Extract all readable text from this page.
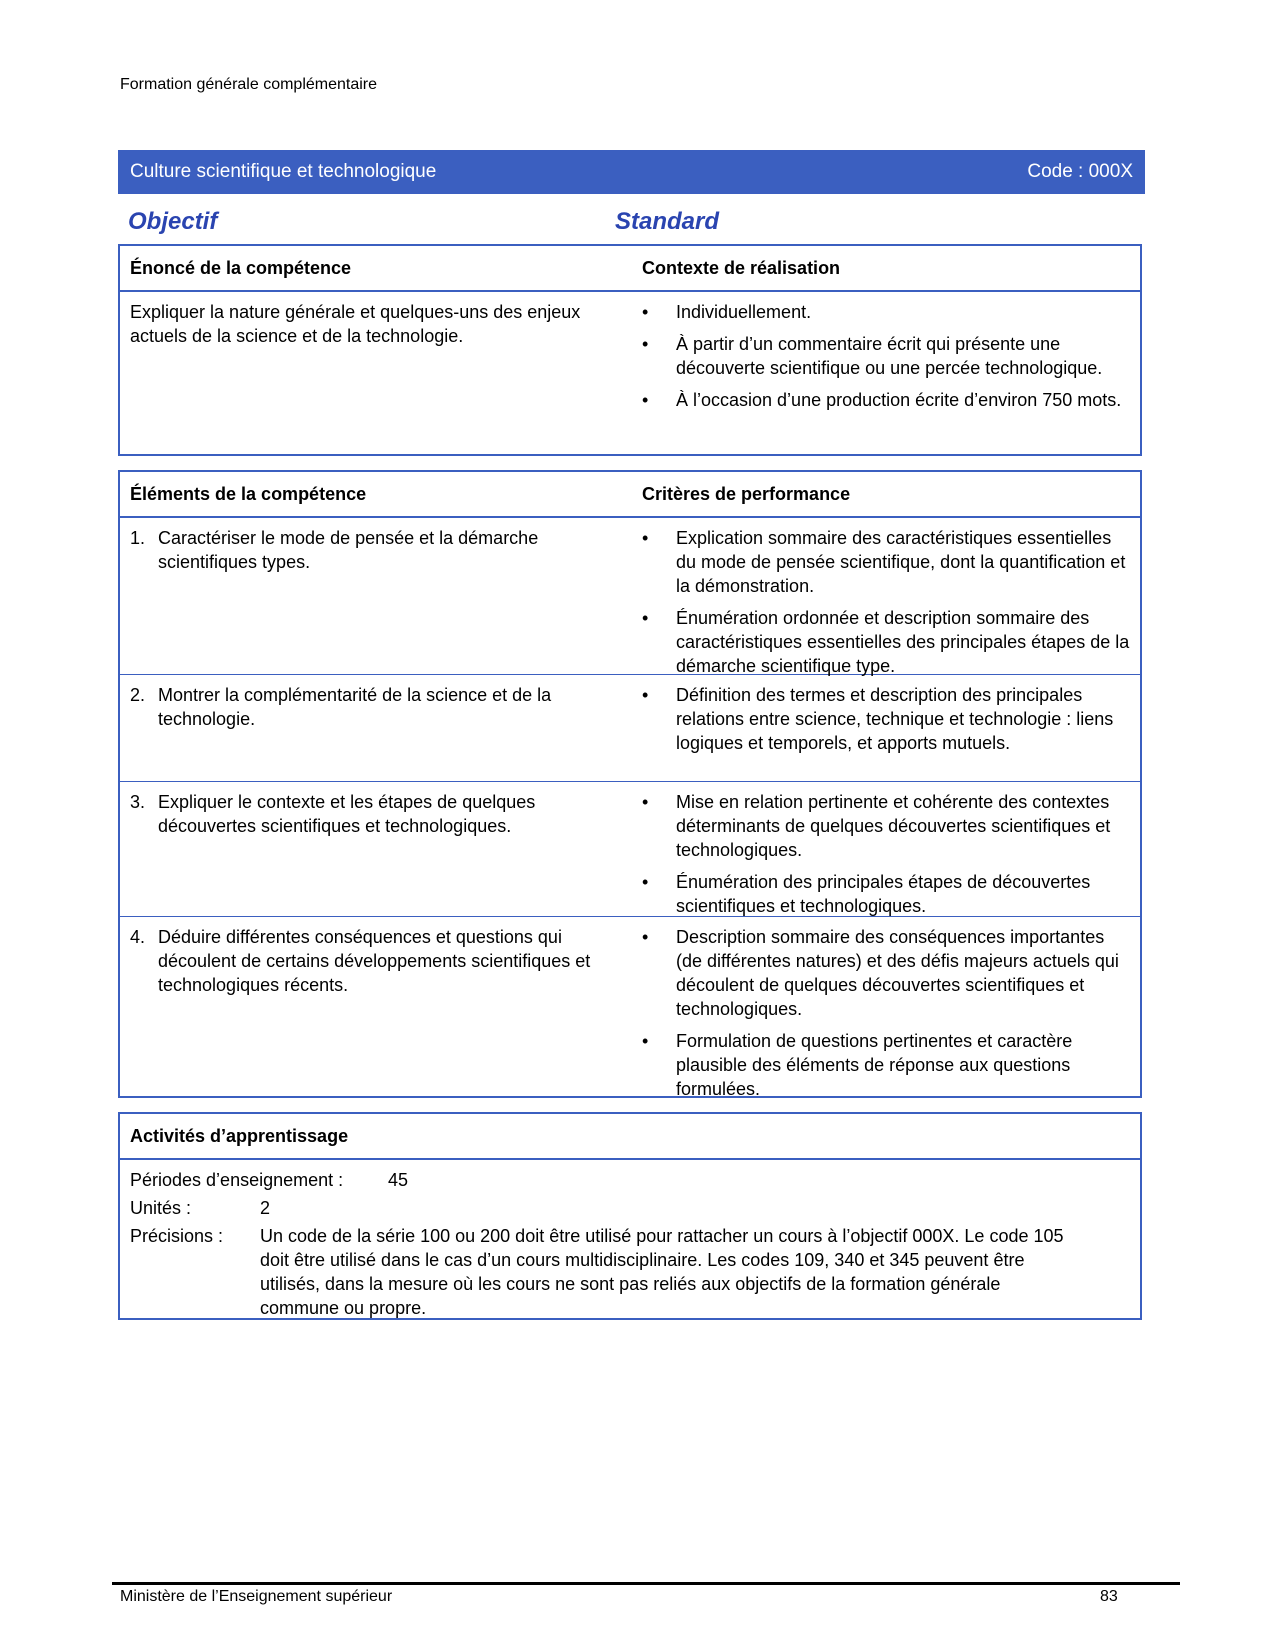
Formation générale complémentaire
Culture scientifique et technologique	Code : 000X
Objectif	Standard
Énoncé de la compétence	Contexte de réalisation
Expliquer la nature générale et quelques-uns des enjeux actuels de la science et de la technologie.
• Individuellement.
• À partir d’un commentaire écrit qui présente une découverte scientifique ou une percée technologique.
• À l’occasion d’une production écrite d’environ 750 mots.
Éléments de la compétence	Critères de performance
1. Caractériser le mode de pensée et la démarche scientifiques types.
• Explication sommaire des caractéristiques essentielles du mode de pensée scientifique, dont la quantification et la démonstration.
• Énumération ordonnée et description sommaire des caractéristiques essentielles des principales étapes de la démarche scientifique type.
2. Montrer la complémentarité de la science et de la technologie.
• Définition des termes et description des principales relations entre science, technique et technologie : liens logiques et temporels, et apports mutuels.
3. Expliquer le contexte et les étapes de quelques découvertes scientifiques et technologiques.
• Mise en relation pertinente et cohérente des contextes déterminants de quelques découvertes scientifiques et technologiques.
• Énumération des principales étapes de découvertes scientifiques et technologiques.
4. Déduire différentes conséquences et questions qui découlent de certains développements scientifiques et technologiques récents.
• Description sommaire des conséquences importantes (de différentes natures) et des défis majeurs actuels qui découlent de quelques découvertes scientifiques et technologiques.
• Formulation de questions pertinentes et caractère plausible des éléments de réponse aux questions formulées.
Activités d’apprentissage
Périodes d’enseignement : 45
Unités :	2
Précisions : Un code de la série 100 ou 200 doit être utilisé pour rattacher un cours à l’objectif 000X. Le code 105 doit être utilisé dans le cas d’un cours multidisciplinaire. Les codes 109, 340 et 345 peuvent être utilisés, dans la mesure où les cours ne sont pas reliés aux objectifs de la formation générale commune ou propre.
Ministère de l’Enseignement supérieur	83
